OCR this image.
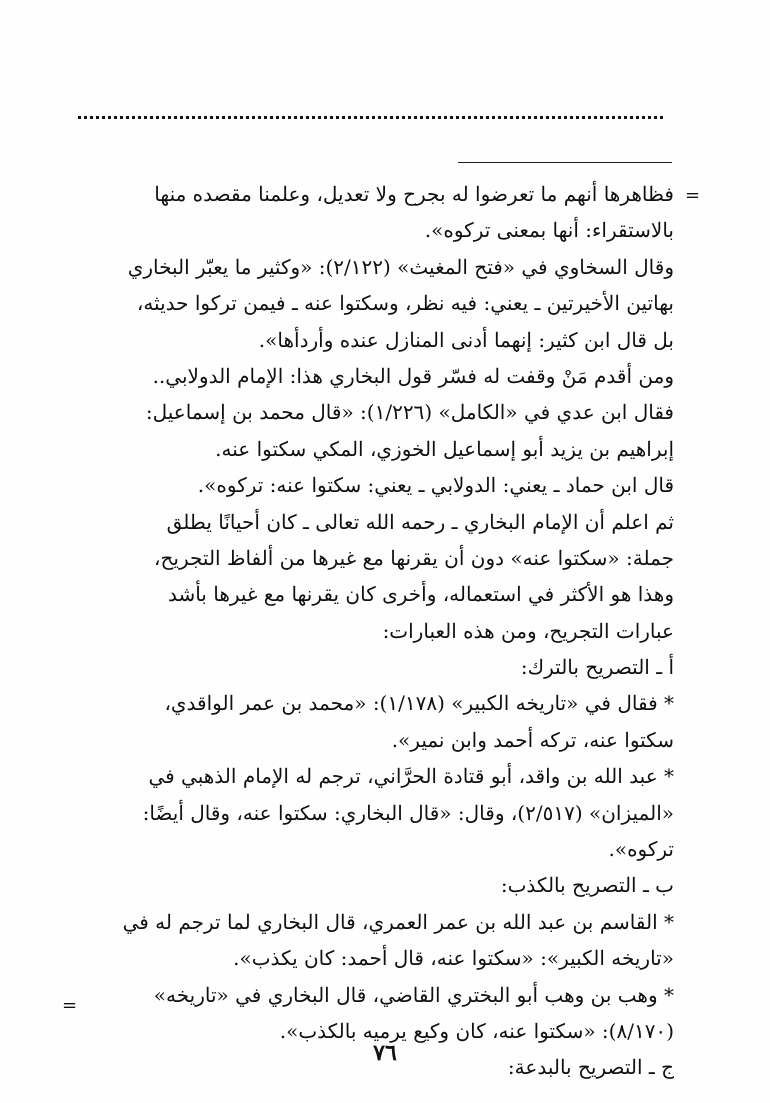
=
فظاهرها أنهم ما تعرضوا له بجرح ولا تعديل، وعلمنا مقصده منها
بالاستقراء: أنها بمعنى تركوه».
وقال السخاوي في «فتح المغيث» (٢/١٢٢): «وكثير ما يعبّر البخاري
بهاتين الأخيرتين ـ يعني: فيه نظر، وسكتوا عنه ـ فيمن تركوا حديثه،
بل قال ابن كثير: إنهما أدنى المنازل عنده وأردأها».
ومن أقدم مَنْ وقفت له فسّر قول البخاري هذا: الإمام الدولابي..
فقال ابن عدي في «الكامل» (١/٢٢٦): «قال محمد بن إسماعيل:
إبراهيم بن يزيد أبو إسماعيل الخوزي، المكي سكتوا عنه.
قال ابن حماد ـ يعني: الدولابي ـ يعني: سكتوا عنه: تركوه».
ثم اعلم أن الإمام البخاري ـ رحمه الله تعالى ـ كان أحيانًا يطلق
جملة: «سكتوا عنه» دون أن يقرنها مع غيرها من ألفاظ التجريح،
وهذا هو الأكثر في استعماله، وأخرى كان يقرنها مع غيرها بأشد
عبارات التجريح، ومن هذه العبارات:
أ ـ التصريح بالترك:
* فقال في «تاريخه الكبير» (١/١٧٨): «محمد بن عمر الواقدي،
سكتوا عنه، تركه أحمد وابن نمير».
* عبد الله بن واقد، أبو قتادة الحرَّاني، ترجم له الإمام الذهبي في
«الميزان» (٢/٥١٧)، وقال: «قال البخاري: سكتوا عنه، وقال أيضًا:
تركوه».
ب ـ التصريح بالكذب:
* القاسم بن عبد الله بن عمر العمري، قال البخاري لما ترجم له في
«تاريخه الكبير»: «سكتوا عنه، قال أحمد: كان يكذب».
* وهب بن وهب أبو البختري القاضي، قال البخاري في «تاريخه»
(٨/١٧٠): «سكتوا عنه، كان وكيع يرميه بالكذب».
ج ـ التصريح بالبدعة:
=
٧٦
